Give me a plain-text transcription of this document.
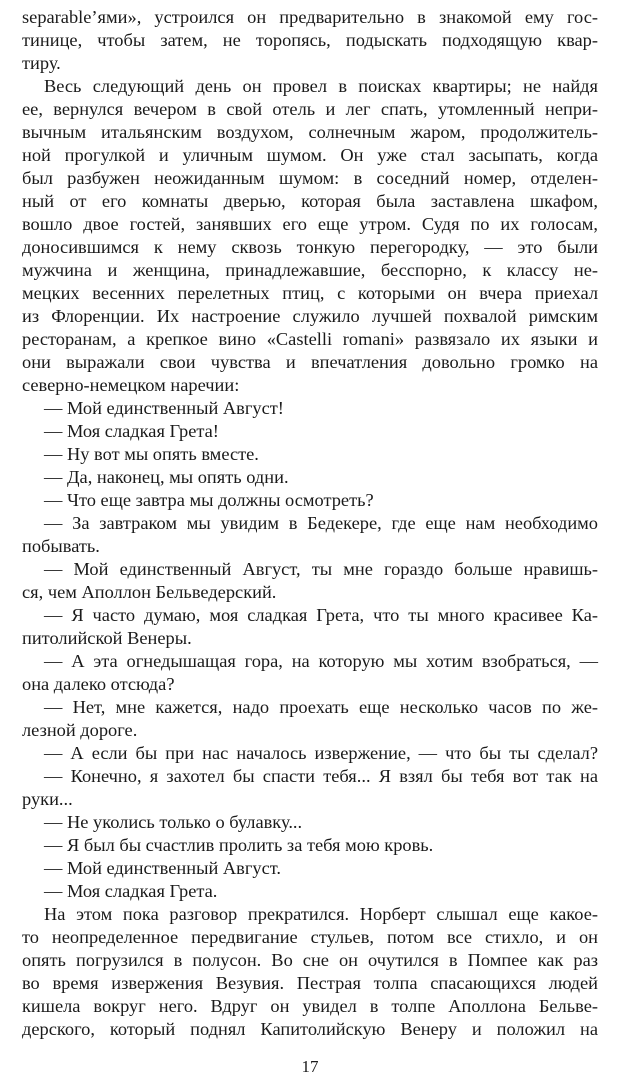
separable’ями», устроился он предварительно в знакомой ему гос-
тинице, чтобы затем, не торопясь, подыскать подходящую квар-
тиру.
Весь следующий день он провел в поисках квартиры; не найдя
ее, вернулся вечером в свой отель и лег спать, утомленный непри-
вычным итальянским воздухом, солнечным жаром, продолжитель-
ной прогулкой и уличным шумом. Он уже стал засыпать, когда
был разбужен неожиданным шумом: в соседний номер, отделен-
ный от его комнаты дверью, которая была заставлена шкафом,
вошло двое гостей, занявших его еще утром. Судя по их голосам,
доносившимся к нему сквозь тонкую перегородку, — это были
мужчина и женщина, принадлежавшие, бесспорно, к классу не-
мецких весенних перелетных птиц, с которыми он вчера приехал
из Флоренции. Их настроение служило лучшей похвалой римским
ресторанам, а крепкое вино «Castelli romani» развязало их языки и
они выражали свои чувства и впечатления довольно громко на
северно-немецком наречии:
— Мой единственный Август!
— Моя сладкая Грета!
— Ну вот мы опять вместе.
— Да, наконец, мы опять одни.
— Что еще завтра мы должны осмотреть?
— За завтраком мы увидим в Бедекере, где еще нам необходимо
побывать.
— Мой единственный Август, ты мне гораздо больше нравишь-
ся, чем Аполлон Бельведерский.
— Я часто думаю, моя сладкая Грета, что ты много красивее Ка-
питолийской Венеры.
— А эта огнедышащая гора, на которую мы хотим взобраться, —
она далеко отсюда?
— Нет, мне кажется, надо проехать еще несколько часов по же-
лезной дороге.
— А если бы при нас началось извержение, — что бы ты сделал?
— Конечно, я захотел бы спасти тебя... Я взял бы тебя вот так на
руки...
— Не уколись только о булавку...
— Я был бы счастлив пролить за тебя мою кровь.
— Мой единственный Август.
— Моя сладкая Грета.
На этом пока разговор прекратился. Норберт слышал еще какое-
то неопределенное передвигание стульев, потом все стихло, и он
опять погрузился в полусон. Во сне он очутился в Помпее как раз
во время извержения Везувия. Пестрая толпа спасающихся людей
кишела вокруг него. Вдруг он увидел в толпе Аполлона Бельве-
дерского, который поднял Капитолийскую Венеру и положил на
17
